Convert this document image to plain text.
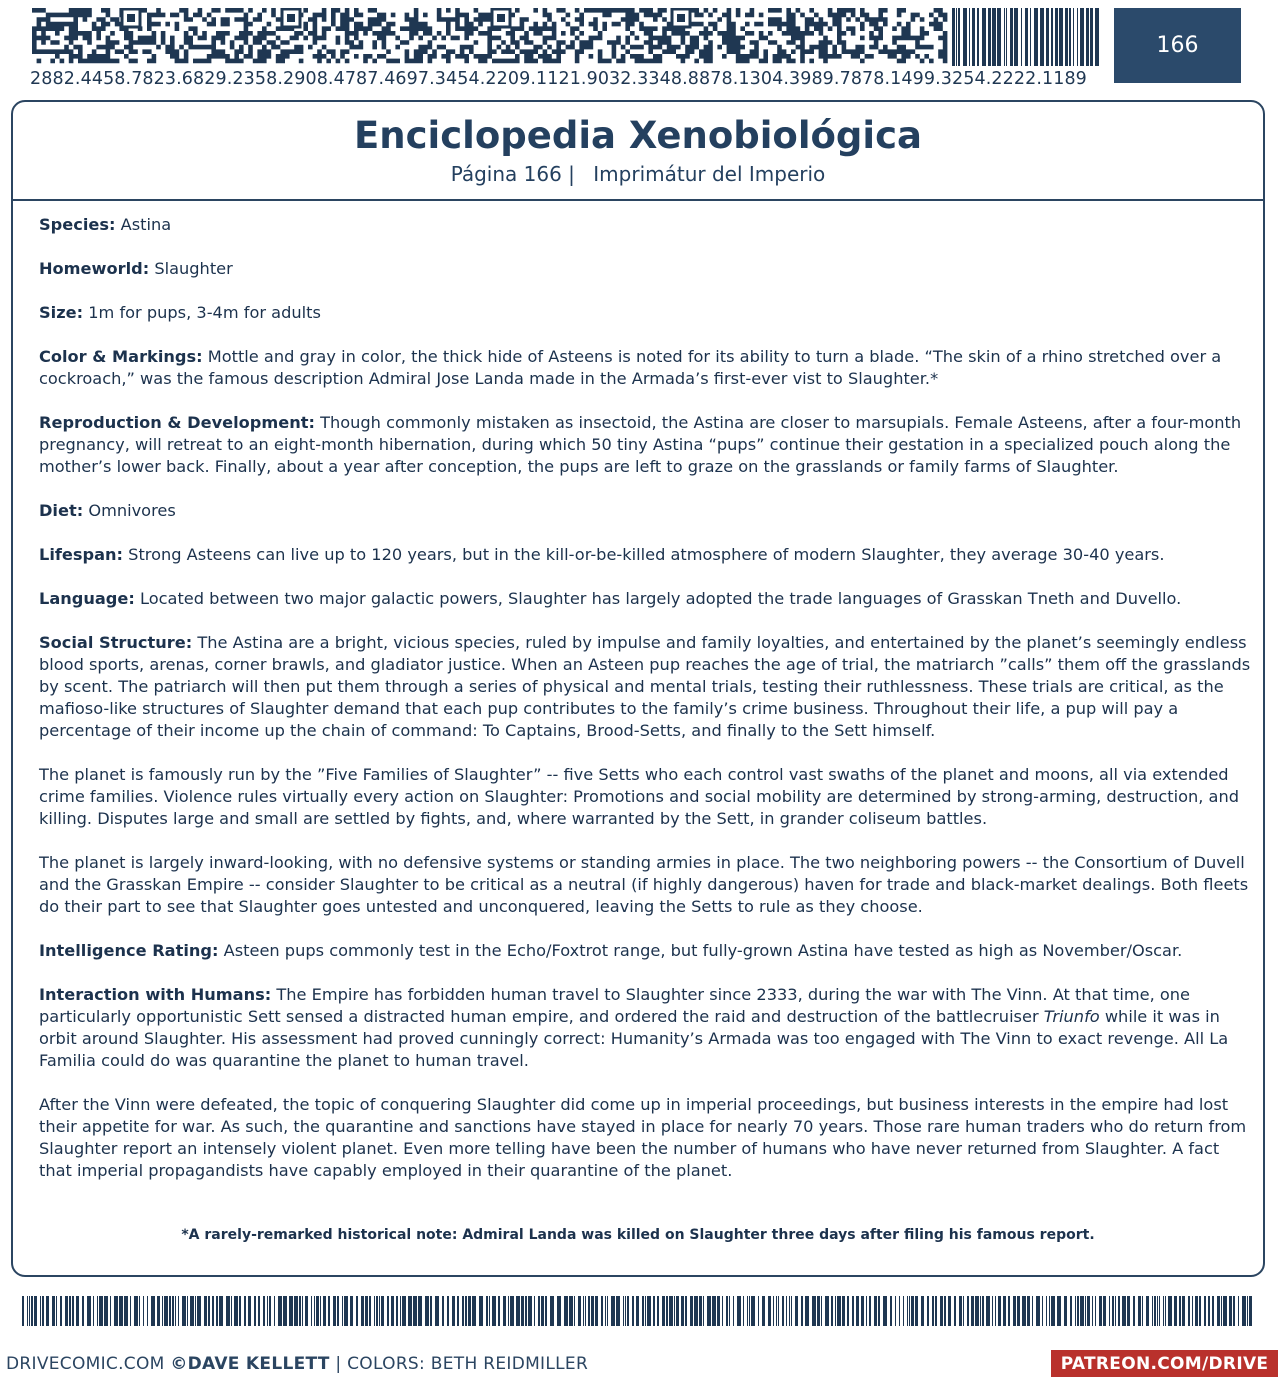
2882.4458.7823.6829.2358.2908.4787.4697.3454.2209.1121.9032.3348.8878.1304.3989.7878.1499.3254.2222.1189
166
Enciclopedia Xenobiológica
Página 166 | Imprimátur del Imperio

Species: Astina

Homeworld: Slaughter

Size: 1m for pups, 3-4m for adults

Color & Markings: Mottle and gray in color, the thick hide of Asteens is noted for its ability to turn a blade. “The skin of a rhino stretched over a cockroach,” was the famous description Admiral Jose Landa made in the Armada’s first-ever vist to Slaughter.*

Reproduction & Development: Though commonly mistaken as insectoid, the Astina are closer to marsupials. Female Asteens, after a four-month pregnancy, will retreat to an eight-month hibernation, during which 50 tiny Astina “pups” continue their gestation in a specialized pouch along the mother’s lower back. Finally, about a year after conception, the pups are left to graze on the grasslands or family farms of Slaughter.

Diet: Omnivores

Lifespan: Strong Asteens can live up to 120 years, but in the kill-or-be-killed atmosphere of modern Slaughter, they average 30-40 years.

Language: Located between two major galactic powers, Slaughter has largely adopted the trade languages of Grasskan Tneth and Duvello.

Social Structure: The Astina are a bright, vicious species, ruled by impulse and family loyalties, and entertained by the planet’s seemingly endless blood sports, arenas, corner brawls, and gladiator justice. When an Asteen pup reaches the age of trial, the matriarch ”calls” them off the grasslands by scent. The patriarch will then put them through a series of physical and mental trials, testing their ruthlessness. These trials are critical, as the mafioso-like structures of Slaughter demand that each pup contributes to the family’s crime business. Throughout their life, a pup will pay a percentage of their income up the chain of command: To Captains, Brood-Setts, and finally to the Sett himself.

The planet is famously run by the ”Five Families of Slaughter” -- five Setts who each control vast swaths of the planet and moons, all via extended crime families. Violence rules virtually every action on Slaughter: Promotions and social mobility are determined by strong-arming, destruction, and killing. Disputes large and small are settled by fights, and, where warranted by the Sett, in grander coliseum battles.

The planet is largely inward-looking, with no defensive systems or standing armies in place. The two neighboring powers -- the Consortium of Duvell and the Grasskan Empire -- consider Slaughter to be critical as a neutral (if highly dangerous) haven for trade and black-market dealings. Both fleets do their part to see that Slaughter goes untested and unconquered, leaving the Setts to rule as they choose.

Intelligence Rating: Asteen pups commonly test in the Echo/Foxtrot range, but fully-grown Astina have tested as high as November/Oscar.

Interaction with Humans: The Empire has forbidden human travel to Slaughter since 2333, during the war with The Vinn. At that time, one particularly opportunistic Sett sensed a distracted human empire, and ordered the raid and destruction of the battlecruiser Triunfo while it was in orbit around Slaughter. His assessment had proved cunningly correct: Humanity’s Armada was too engaged with The Vinn to exact revenge. All La Familia could do was quarantine the planet to human travel.

After the Vinn were defeated, the topic of conquering Slaughter did come up in imperial proceedings, but business interests in the empire had lost their appetite for war. As such, the quarantine and sanctions have stayed in place for nearly 70 years. Those rare human traders who do return from Slaughter report an intensely violent planet. Even more telling have been the number of humans who have never returned from Slaughter. A fact that imperial propagandists have capably employed in their quarantine of the planet.

*A rarely-remarked historical note: Admiral Landa was killed on Slaughter three days after filing his famous report.
DRIVECOMIC.COM ©DAVE KELLETT | COLORS: BETH REIDMILLER	PATREON.COM/DRIVE
